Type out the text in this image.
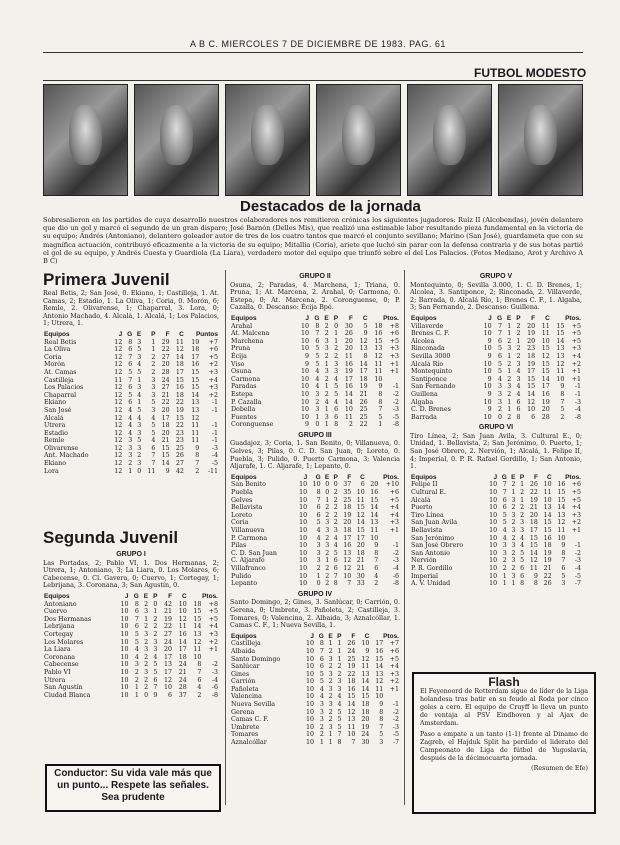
A B C. MIERCOLES 7 DE DICIEMBRE DE 1983. PAG. 61
FUTBOL MODESTO
Destacados de la jornada
Sobresalieron en los partidos de cuya desarrollo nuestros colaboradores nos remitieron crónicas los siguientes jugadores: Ruiz II (Alcobendas), jovén delantero que dio un gol y marcó el segundo de un gran disparo; José Barnón (Delles Mis), que realizó una estimable labor resultando pieza fundamental en la victoria de su equipo; Andrés (Antoniano), delantero goleador autor de tres de los cuatro tantos que marcó el conjunto sevillano; Marino (San José), guardameta que con su magnífica actuación, contribuyó eficazmente a la victoria de su equipo; Mitallia (Coria), ariete que luchó sin parar con la defensa contraria y de sus botas partió el gol de su equipo, y Andrés Cuesta y Guardiola (La Liara), verdadero motor del equipo que triunfó sobre el del Los Palacios. (Fotos Mediano, Arot y Archivo A B C)
Primera Juvenil
Real Betis, 2; San José, 0. Ekiano, 1; Castilleja, 1. At. Camas, 2; Estadio, 1. La Oliva, 1; Coria, 0. Morón, 6; Remle, 2. Olivarense, 1; Chaparral, 3. Lora, 0; Antonio Machado, 4. Alcalá, 1. Alcalá, 1; Los Palacios, 1; Utrera, 1.
Equipos	J	G	E	P	F	C	Puntos	
Real Betis	12	8	3	1	29	11	19	+7
La Oliva	12	6	5	1	22	12	18	+6
Coria	12	7	3	2	27	14	17	+5
Morón	12	6	4	2	20	18	16	+2
At. Camas	12	5	5	2	28	17	15	+3
Castilleja	11	7	1	3	24	15	15	+4
Los Palacios	12	6	3	3	27	16	15	+3
Chaparral	12	5	4	3	21	18	14	+2
Ekiano	12	6	1	5	22	22	13	-1
San José	12	4	5	3	20	19	13	-1
Alcalá	12	4	4	4	17	15	12	
Utrera	12	4	3	5	18	22	11	-1
Estadio	12	4	3	5	20	23	11	-1
Remle	12	3	5	4	21	23	11	-1
Olivarense	12	3	3	6	15	25	9	-3
Ant. Machado	12	3	2	7	15	26	8	-4
Ekiano	12	2	3	7	14	27	7	-5
Lora	12	1	0	11	9	42	2	-11
Segunda Juvenil
GRUPO I
Las Portadas, 2; Pablo VI, 1. Dos Hermanas, 2; Utrera, 1; Antoniano, 3; La Liara, 0. Los Molares, 6; Cabecense, 0. Cl. Gavera, 0; Cuervo, 1; Cortegay, 1; Lebrijana, 3. Coronana, 3; San Agustín, 0.
Equipos	J	G	E	P	F	C	Ptos.	
Antoniano	10	8	2	0	42	10	18	+8
Cuervo	10	6	3	1	21	10	15	+5
Dos Hermanas	10	7	1	2	19	12	15	+5
Lebrijana	10	6	2	2	22	11	14	+4
Cortegay	10	5	3	2	27	16	13	+3
Los Molares	10	5	2	3	24	14	12	+2
La Liara	10	4	3	3	20	17	11	+1
Coronana	10	4	2	4	17	18	10	
Cabecense	10	3	2	5	13	24	8	-2
Pablo VI	10	2	3	5	17	21	7	-3
Utrera	10	2	2	6	12	24	6	-4
San Agustín	10	1	2	7	10	28	4	-6
Ciudad Blanca	10	1	0	9	6	37	2	-8
Conductor: Su vida vale más que un punto... Respete las señales. Sea prudente
GRUPO II
Osuna, 2; Paradas, 4. Marchena, 1; Triana, 0. Pruna, 1; At. Marcena, 2. Arahal, 0; Carmona, 0. Estepa, 0; At. Marcena, 2. Coronguense, 0; P. Cazalla, 0. Descanso: Écija Bpé.
Equipos	J	G	E	P	F	C	Ptos.	
Arahal	10	8	2	0	30	5	18	+8
At. Malcena	10	7	2	1	26	9	16	+6
Marchena	10	6	3	1	20	12	15	+5
Pruna	10	5	3	2	20	13	13	+3
Écija	9	5	2	2	11	8	12	+3
Viso	9	5	1	3	16	14	11	+1
Osuna	10	4	3	3	19	17	11	+1
Carmona	10	4	2	4	17	18	10	
Paradas	10	4	1	5	16	19	9	-1
Estepa	10	3	2	5	14	21	8	-2
P. Cazalla	10	2	4	4	14	26	8	-2
Dobella	10	3	1	6	10	25	7	-3
Fuentes	10	1	3	6	11	25	5	-5
Coronguense	9	0	1	8	2	22	1	-8
GRUPO III
Guadajoz, 3; Coria, 1. San Benito, 0; Villanueva, 0. Gelves, 3; Pilas, 0. C. D. San Juan, 0; Loreto, 0. Puebla, 3; Pulido, 0. Puerto Carmona, 3; Valencia Aljarafe, 1. C. Aljarafe, 1; Lepanto, 0.
Equipos	J	G	E	P	F	C	Ptos.	
San Benito	10	10	0	0	37	6	20	+10
Puebla	10	8	0	2	35	10	16	+6
Gelves	10	7	1	2	25	11	15	+5
Bellavista	10	6	2	2	18	15	14	+4
Loreto	10	6	2	2	19	12	14	+4
Coria	10	5	3	2	20	14	13	+3
Villanueva	10	4	3	3	18	15	11	+1
P. Carmona	10	4	2	4	17	17	10	
Pilas	10	3	3	4	16	20	9	-1
C. D. San Juan	10	3	2	5	13	18	8	-2
C. Aljarafe	10	3	1	6	12	21	7	-3
Villafranco	10	2	2	6	12	21	6	-4
Pulido	10	1	2	7	10	30	4	-6
Lepanto	10	0	2	8	7	33	2	-8
GRUPO IV
Santo Domingo, 2; Gines, 3. Sanlúcar, 0; Carrión, 0. Gerena, 0; Umbrete, 3. Pañoleta, 2; Castilleja, 3. Tomares, 0; Valencina, 2. Albaida, 3; Aznalcóllar, 1. Camas C. F., 1; Nueva Sevilla, 1.
Equipos	J	G	E	P	F	C	Ptos.	
Castilleja	10	8	1	1	26	10	17	+7
Albaida	10	7	2	1	24	9	16	+6
Santo Domingo	10	6	3	1	25	12	15	+5
Sanlúcar	10	6	2	2	19	11	14	+4
Gines	10	5	3	2	22	13	13	+3
Carrión	10	5	2	3	18	14	12	+2
Pañoleta	10	4	3	3	16	14	11	+1
Valencina	10	4	2	4	15	15	10	
Nueva Sevilla	10	3	3	4	14	18	9	-1
Gerena	10	3	2	5	12	18	8	-2
Camas C. F.	10	3	2	5	13	20	8	-2
Umbrete	10	2	3	5	11	19	7	-3
Tomares	10	2	1	7	10	24	5	-5
Aznalcóllar	10	1	1	8	7	30	3	-7
GRUPO V
Montequinto, 0; Sevilla 3.000, 1. C. D. Brenes, 1; Alcolea, 3. Santiponce, 2; Rinconada, 2. Villaverde, 2; Barrada, 0. Alcalá Río, 1; Brenes C. F., 1. Algaba, 3; San Fernando, 2. Descanso: Guillena.
Equipos	J	G	E	P	F	C	Ptos.	
Villaverde	10	7	1	2	20	11	15	+5
Brenes C. F.	10	7	1	2	19	11	15	+5
Alcolea	9	6	2	1	20	10	14	+5
Rinconada	10	5	3	2	23	15	13	+3
Sevilla 3000	9	6	1	2	18	12	13	+4
Alcalá Río	10	5	2	3	19	15	12	+2
Montequinto	10	5	1	4	17	15	11	+1
Santiponce	9	4	2	3	15	14	10	+1
San Fernando	10	3	3	4	15	17	9	-1
Guillena	9	3	2	4	14	16	8	-1
Algaba	10	3	1	6	12	19	7	-3
C. D. Brenes	9	2	1	6	10	20	5	-4
Barrada	10	0	2	8	6	28	2	-8
GRUPO VI
Tiro Línea, 2; San Juan Avila, 3. Cultural E., 0; Unidad, 1. Bellavista, 2; San Jerónimo, 0. Puerto, 1; San José Obrero, 2. Nervión, 1; Alcalá, 1. Felipe II, 4; Imperial, 0. P. R. Rafael Gordillo, 1; San Antonio, 1.
Equipos	J	G	E	P	F	C	Ptos.	
Felipe II	10	7	2	1	26	10	16	+6
Cultural E.	10	7	1	2	22	11	15	+5
Alcalá	10	6	3	1	19	10	15	+5
Puerto	10	6	2	2	21	13	14	+4
Tiro Línea	10	5	3	2	20	14	13	+3
San Juan Avila	10	5	2	3	18	15	12	+2
Bellavista	10	4	3	3	17	15	11	+1
San Jerónimo	10	4	2	4	15	16	10	
San José Obrero	10	3	3	4	15	18	9	-1
San Antonio	10	3	2	5	14	19	8	-2
Nervión	10	2	3	5	12	19	7	-3
P. R. Gordillo	10	2	2	6	11	21	6	-4
Imperial	10	1	3	6	9	22	5	-5
A. V. Unidad	10	1	1	8	8	26	3	-7
Flash
El Feyenoord de Rotterdam sigue de líder de la Liga holandesa tras batir en su feudo al Roda por cinco goles a cero. El equipo de Cruyff le lleva un punto de ventaja al PSV Eindhoven y al Ajax de Amsterdam.
Paso a empate a un tanto (1-1) frente al Dinamo de Zagreb, el Hajduk Split ha perdido el liderato del Campeonato de Liga de fútbol de Yugoslavia, después de la décimocuarta jornada.
(Resumen de Efe)
